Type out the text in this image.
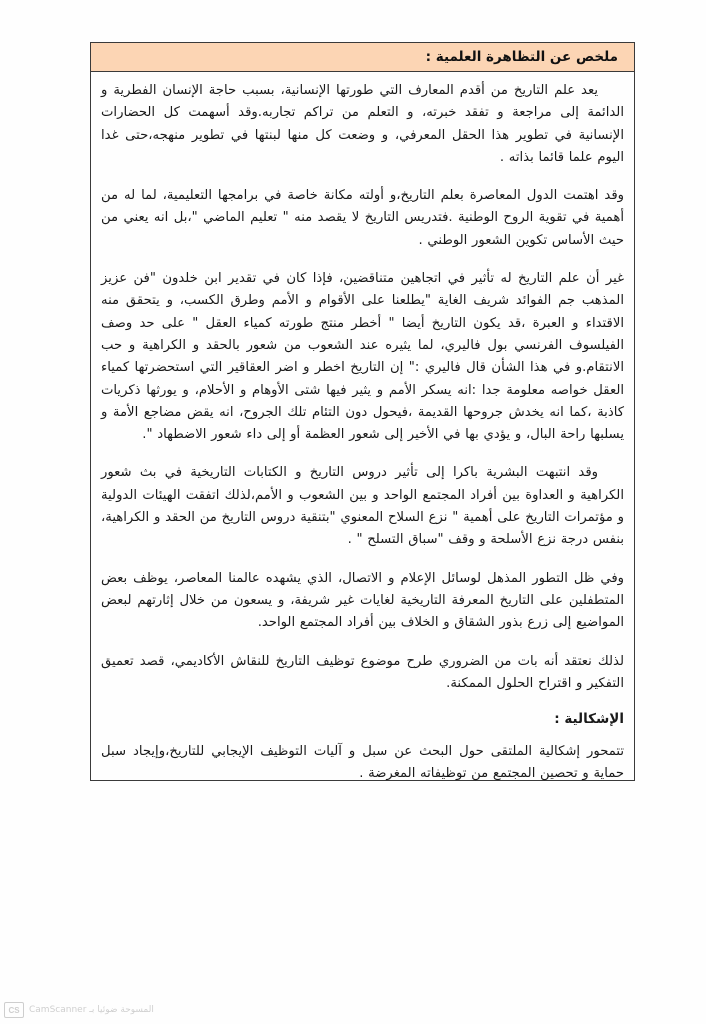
ملخص عن التظاهرة العلمية :

يعد علم التاريخ من أقدم المعارف التي طورتها الإنسانية، بسبب حاجة الإنسان الفطرية و الدائمة إلى مراجعة و تفقد خبرته، و التعلم من تراكم تجاربه.وقد أسهمت كل الحضارات الإنسانية في تطوير هذا الحقل المعرفي، و وضعت كل منها لبنتها في تطوير منهجه،حتى غدا اليوم علما قائما بذاته .

وقد اهتمت الدول المعاصرة بعلم التاريخ،و أولته مكانة خاصة في برامجها التعليمية، لما له من أهمية في تقوية الروح الوطنية .فتدريس التاريخ لا يقصد منه " تعليم الماضي "،بل انه يعني من حيث الأساس تكوين الشعور الوطني .

غير أن علم التاريخ له تأثير في اتجاهين متناقضين، فإذا كان في تقدير ابن خلدون "فن عزيز المذهب جم الفوائد شريف الغاية "يطلعنا على الأقوام و الأمم وطرق الكسب، و يتحقق منه الاقتداء و العبرة ،قد يكون التاريخ أيضا " أخطر منتج طورته كمياء العقل " على حد وصف الفيلسوف الفرنسي بول فاليري، لما يثيره عند الشعوب من شعور بالحقد و الكراهية و حب الانتقام.و في هذا الشأن قال فاليري :" إن التاريخ اخطر و اضر العقاقير التي استحضرتها كمياء العقل خواصه معلومة جدا :انه يسكر الأمم و يثير فيها شتى الأوهام و الأحلام، و يورثها ذكريات كاذبة ،كما انه يخدش جروحها القديمة ،فيحول دون التئام تلك الجروح، انه يقض مضاجع الأمة و يسلبها راحة البال، و يؤدي بها في الأخير إلى شعور العظمة أو إلى داء شعور الاضطهاد ".

وقد انتبهت البشرية باكرا إلى تأثير دروس التاريخ و الكتابات التاريخية في بث شعور الكراهية و العداوة بين أفراد المجتمع الواحد و بين الشعوب و الأمم،لذلك اتفقت الهيئات الدولية و مؤتمرات التاريخ على أهمية " نزع السلاح المعنوي "بتنقية دروس التاريخ من الحقد و الكراهية، بنفس درجة نزع الأسلحة و وقف "سباق التسلح " .

وفي ظل التطور المذهل لوسائل الإعلام و الاتصال، الذي يشهده عالمنا المعاصر، يوظف بعض المتطفلين على التاريخ المعرفة التاريخية لغايات غير شريفة، و يسعون من خلال إثارتهم لبعض المواضيع إلى زرع بذور الشقاق و الخلاف بين أفراد المجتمع الواحد.

لذلك نعتقد أنه بات من الضروري طرح موضوع توظيف التاريخ للنقاش الأكاديمي، قصد تعميق التفكير و اقتراح الحلول الممكنة.

الإشكالية :

تتمحور إشكالية الملتقى حول البحث عن سبل و آليات التوظيف الإيجابي للتاريخ،وإيجاد سبل حماية و تحصين المجتمع من توظيفاته المغرضة .

CS	CamScanner المسوحة ضوئيا بـ
